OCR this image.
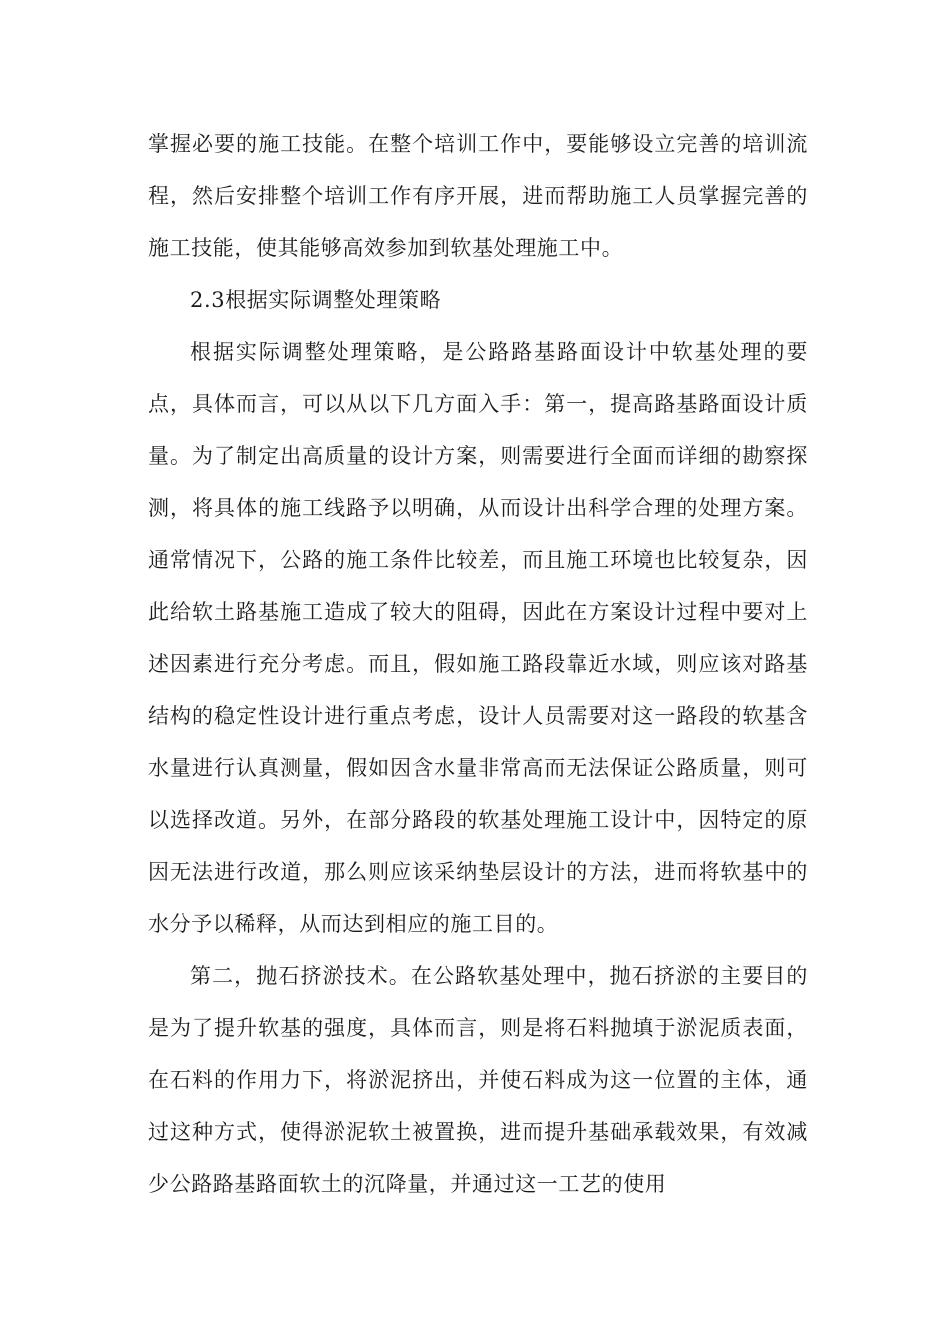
掌握必要的施工技能。在整个培训工作中，要能够设立完善的培训流程，然后安排整个培训工作有序开展，进而帮助施工人员掌握完善的施工技能，使其能够高效参加到软基处理施工中。

2.3根据实际调整处理策略

根据实际调整处理策略，是公路路基路面设计中软基处理的要点，具体而言，可以从以下几方面入手：第一，提高路基路面设计质量。为了制定出高质量的设计方案，则需要进行全面而详细的勘察探测，将具体的施工线路予以明确，从而设计出科学合理的处理方案。通常情况下，公路的施工条件比较差，而且施工环境也比较复杂，因此给软土路基施工造成了较大的阻碍，因此在方案设计过程中要对上述因素进行充分考虑。而且，假如施工路段靠近水域，则应该对路基结构的稳定性设计进行重点考虑，设计人员需要对这一路段的软基含水量进行认真测量，假如因含水量非常高而无法保证公路质量，则可以选择改道。另外，在部分路段的软基处理施工设计中，因特定的原因无法进行改道，那么则应该采纳垫层设计的方法，进而将软基中的水分予以稀释，从而达到相应的施工目的。

第二，抛石挤淤技术。在公路软基处理中，抛石挤淤的主要目的是为了提升软基的强度，具体而言，则是将石料抛填于淤泥质表面，在石料的作用力下，将淤泥挤出，并使石料成为这一位置的主体，通过这种方式，使得淤泥软土被置换，进而提升基础承载效果，有效减少公路路基路面软土的沉降量，并通过这一工艺的使用
